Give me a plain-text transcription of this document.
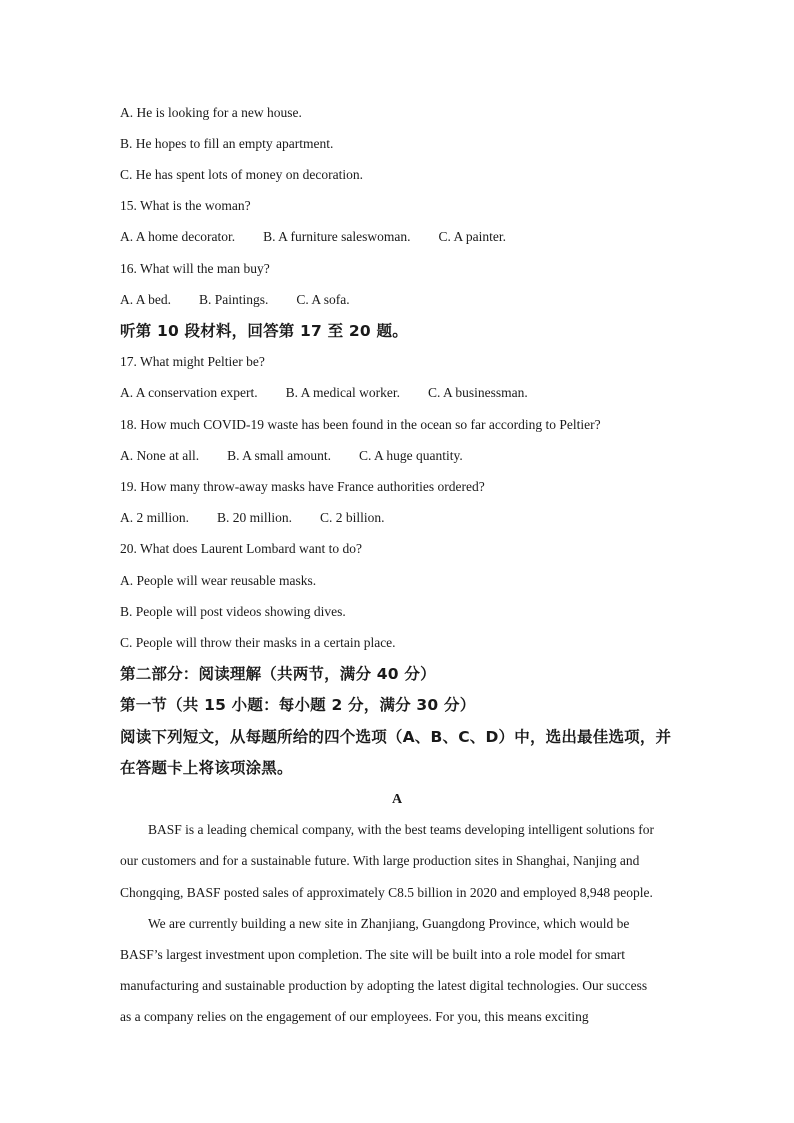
A. He is looking for a new house.
B. He hopes to fill an empty apartment.
C. He has spent lots of money on decoration.
15. What is the woman?
A. A home decorator. B. A furniture saleswoman. C. A painter.
16. What will the man buy?
A. A bed. B. Paintings. C. A sofa.
听第 10 段材料，回答第 17 至 20 题。
17. What might Peltier be?
A. A conservation expert. B. A medical worker. C. A businessman.
18. How much COVID-19 waste has been found in the ocean so far according to Peltier?
A. None at all. B. A small amount. C. A huge quantity.
19. How many throw-away masks have France authorities ordered?
A. 2 million. B. 20 million. C. 2 billion.
20. What does Laurent Lombard want to do?
A. People will wear reusable masks.
B. People will post videos showing dives.
C. People will throw their masks in a certain place.
第二部分：阅读理解（共两节，满分 40 分）
第一节（共 15 小题：每小题 2 分，满分 30 分）
阅读下列短文，从每题所给的四个选项（A、B、C、D）中，选出最佳选项，并
在答题卡上将该项涂黑。
A
BASF is a leading chemical company, with the best teams developing intelligent solutions for
our customers and for a sustainable future. With large production sites in Shanghai, Nanjing and
Chongqing, BASF posted sales of approximately C8.5 billion in 2020 and employed 8,948 people.
We are currently building a new site in Zhanjiang, Guangdong Province, which would be
BASF’s largest investment upon completion. The site will be built into a role model for smart
manufacturing and sustainable production by adopting the latest digital technologies. Our success
as a company relies on the engagement of our employees. For you, this means exciting
